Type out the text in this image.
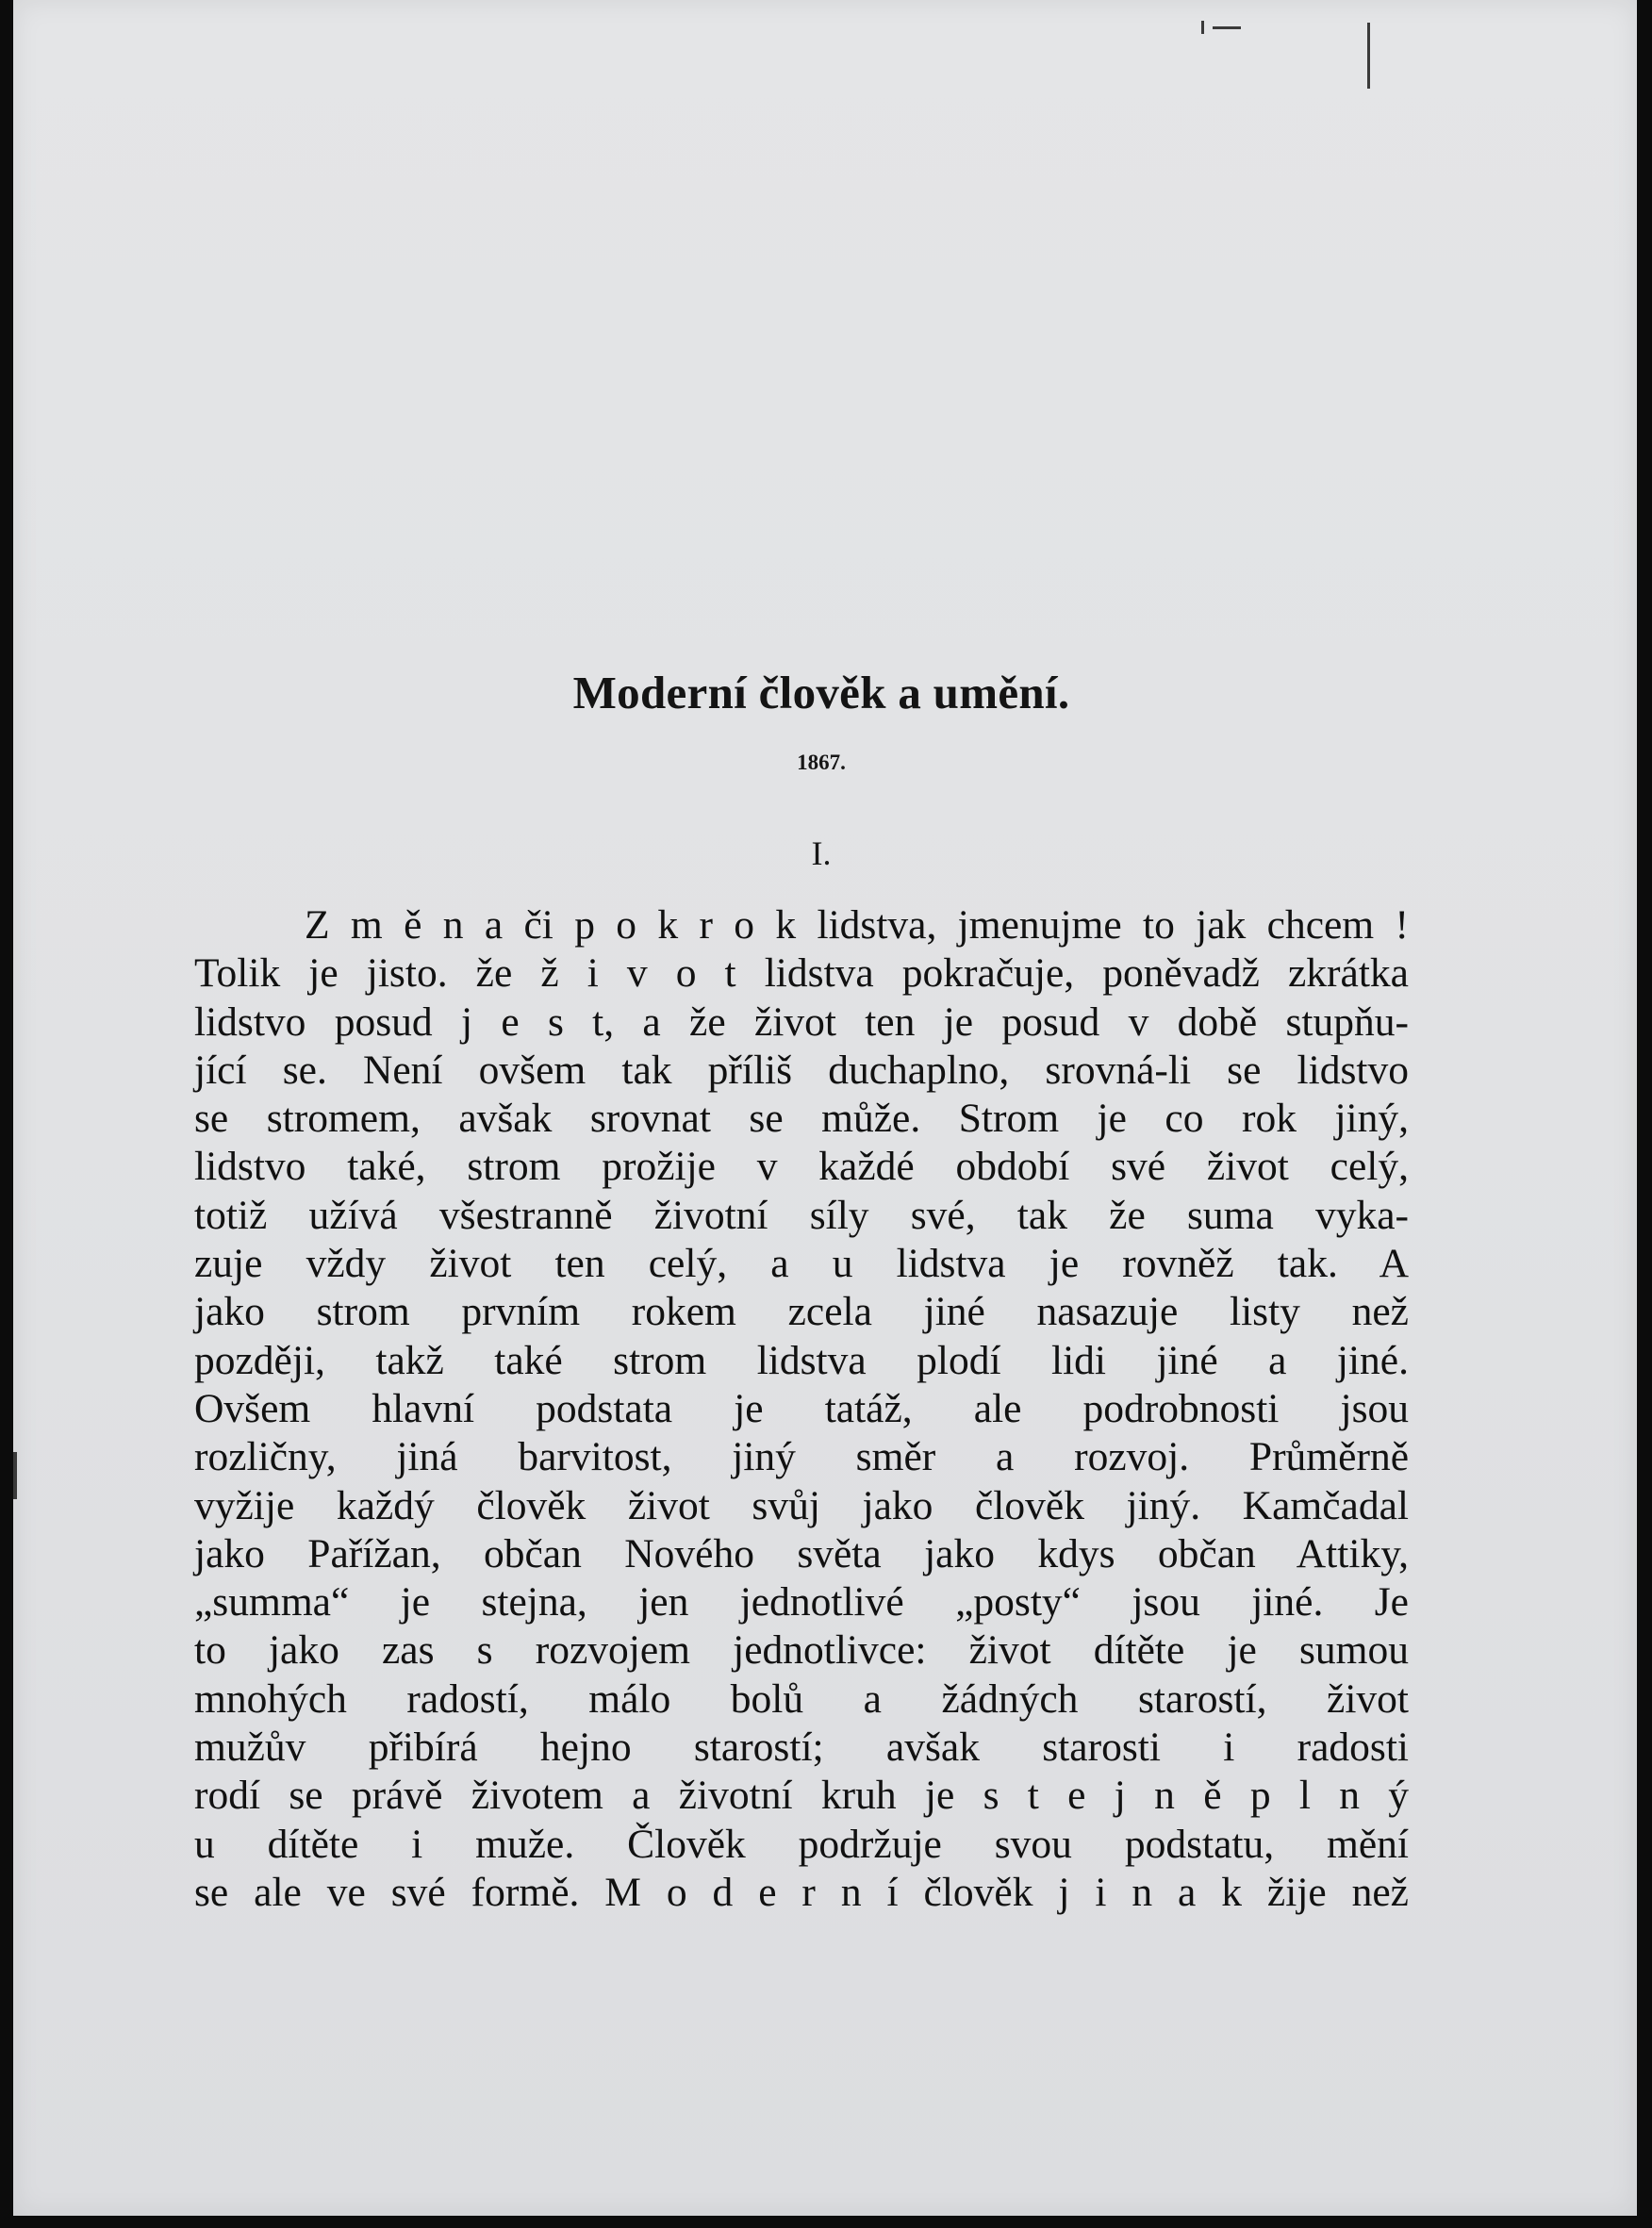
Moderní člověk a umění.
1867.
I.
Z m ě n a či p o k r o k lidstva, jmenujme to jak chcem !
Tolik je jisto. že ž i v o t lidstva pokračuje, poněvadž zkrátka
lidstvo posud j e s t, a že život ten je posud v době stupňu-
jící se. Není ovšem tak příliš duchaplno, srovná-li se lidstvo
se stromem, avšak srovnat se může. Strom je co rok jiný,
lidstvo také, strom prožije v každé období své život celý,
totiž užívá všestranně životní síly své, tak že suma vyka-
zuje vždy život ten celý, a u lidstva je rovněž tak. A
jako strom prvním rokem zcela jiné nasazuje listy než
později, takž také strom lidstva plodí lidi jiné a jiné.
Ovšem hlavní podstata je tatáž, ale podrobnosti jsou
rozličny, jiná barvitost, jiný směr a rozvoj. Průměrně
vyžije každý člověk život svůj jako člověk jiný. Kamčadal
jako Pařížan, občan Nového světa jako kdys občan Attiky,
„summa“ je stejna, jen jednotlivé „posty“ jsou jiné. Je
to jako zas s rozvojem jednotlivce: život dítěte je sumou
mnohých radostí, málo bolů a žádných starostí, život
mužův přibírá hejno starostí; avšak starosti i radosti
rodí se právě životem a životní kruh je s t e j n ě p l n ý
u dítěte i muže. Člověk podržuje svou podstatu, mění
se ale ve své formě. M o d e r n í člověk j i n a k žije než
